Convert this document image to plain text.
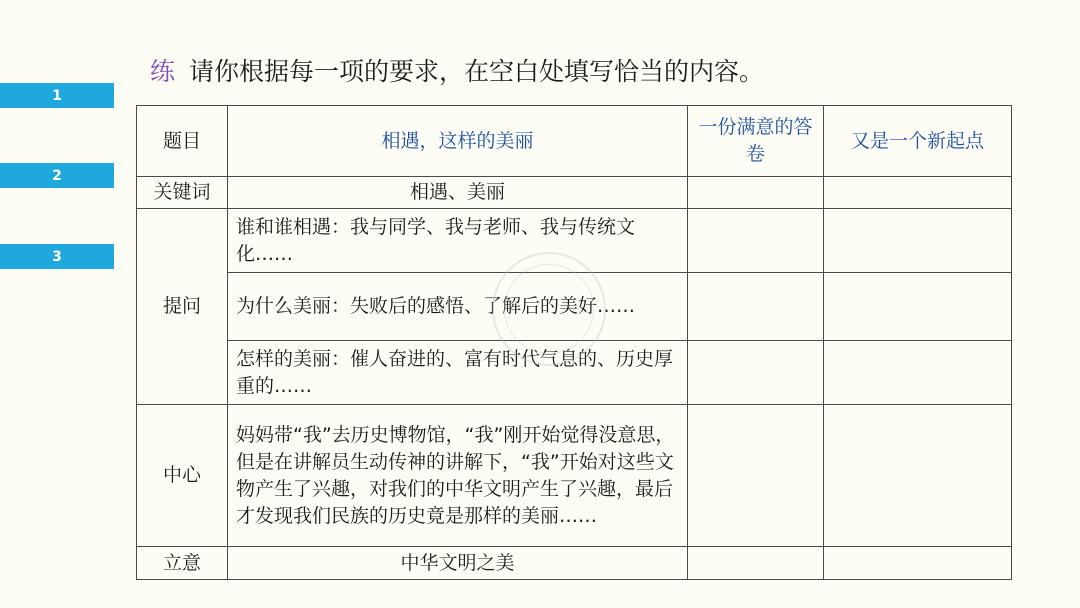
1
2
3
练 请你根据每一项的要求，在空白处填写恰当的内容。
题目	相遇，这样的美丽	一份满意的答卷	又是一个新起点
关键词	相遇、美丽		
提问	谁和谁相遇：我与同学、我与老师、我与传统文化……		
	为什么美丽：失败后的感悟、了解后的美好……		
	怎样的美丽：催人奋进的、富有时代气息的、历史厚重的……		
中心	妈妈带“我”去历史博物馆，“我”刚开始觉得没意思，但是在讲解员生动传神的讲解下，“我”开始对这些文物产生了兴趣，对我们的中华文明产生了兴趣，最后才发现我们民族的历史竟是那样的美丽……		
立意	中华文明之美		
